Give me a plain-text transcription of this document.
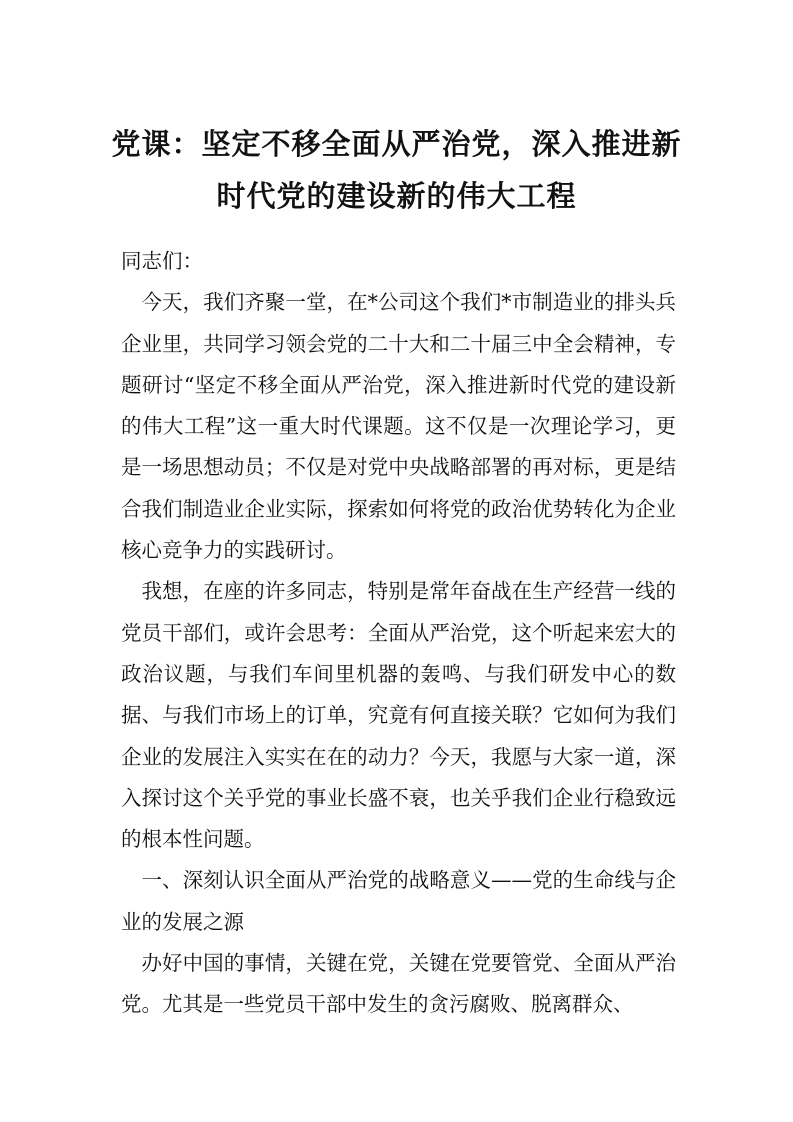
党课：坚定不移全面从严治党，深入推进新时代党的建设新的伟大工程

同志们：

今天，我们齐聚一堂，在*公司这个我们*市制造业的排头兵企业里，共同学习领会党的二十大和二十届三中全会精神，专题研讨“坚定不移全面从严治党，深入推进新时代党的建设新的伟大工程”这一重大时代课题。这不仅是一次理论学习，更是一场思想动员；不仅是对党中央战略部署的再对标，更是结合我们制造业企业实际，探索如何将党的政治优势转化为企业核心竞争力的实践研讨。

我想，在座的许多同志，特别是常年奋战在生产经营一线的党员干部们，或许会思考：全面从严治党，这个听起来宏大的政治议题，与我们车间里机器的轰鸣、与我们研发中心的数据、与我们市场上的订单，究竟有何直接关联？它如何为我们企业的发展注入实实在在的动力？今天，我愿与大家一道，深入探讨这个关乎党的事业长盛不衰，也关乎我们企业行稳致远的根本性问题。

一、深刻认识全面从严治党的战略意义——党的生命线与企业的发展之源

办好中国的事情，关键在党，关键在党要管党、全面从严治党。尤其是一些党员干部中发生的贪污腐败、脱离群众、
